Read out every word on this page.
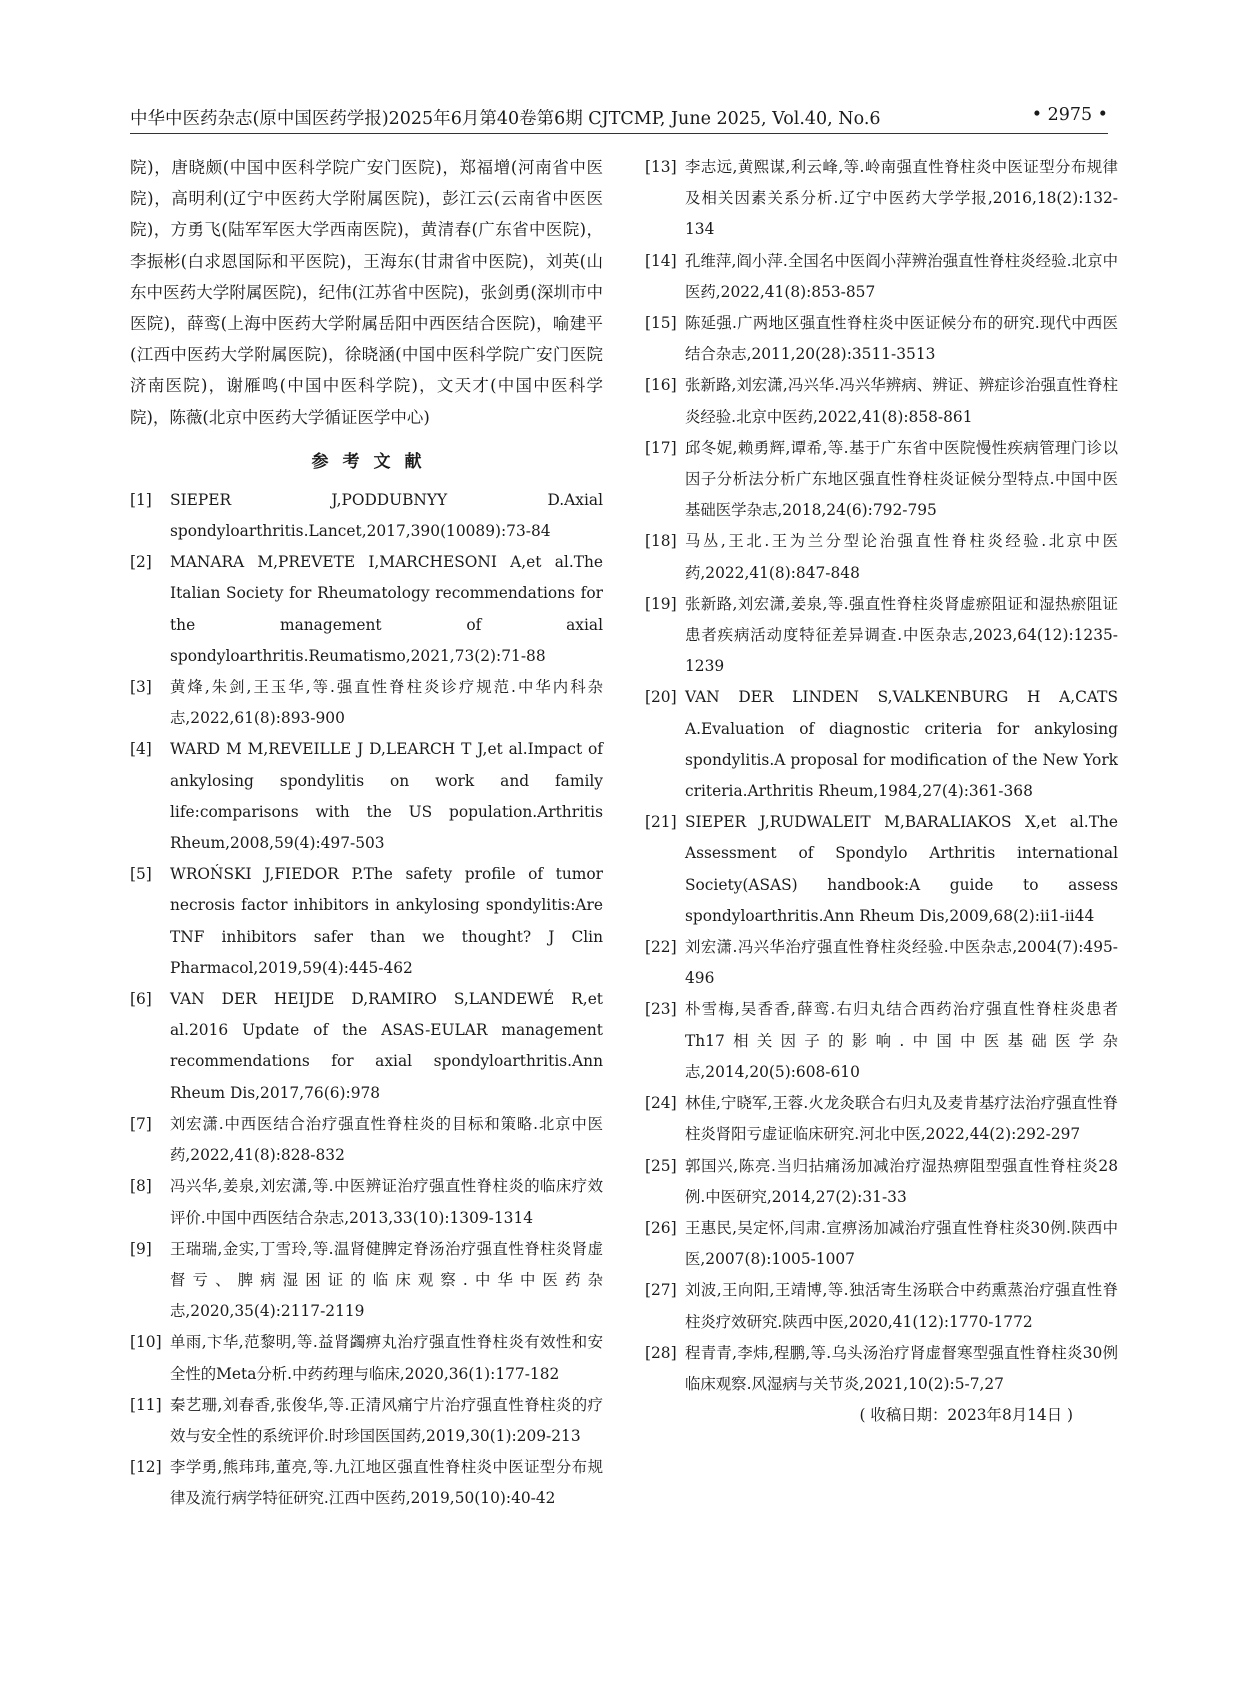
中华中医药杂志(原中国医药学报)2025年6月第40卷第6期 CJTCMP, June 2025, Vol.40, No.6	• 2975 •

院)，唐晓颇(中国中医科学院广安门医院)，郑福增(河南省中医院)，高明利(辽宁中医药大学附属医院)，彭江云(云南省中医医院)，方勇飞(陆军军医大学西南医院)，黄清春(广东省中医院)，李振彬(白求恩国际和平医院)，王海东(甘肃省中医院)，刘英(山东中医药大学附属医院)，纪伟(江苏省中医院)，张剑勇(深圳市中医院)，薛鸾(上海中医药大学附属岳阳中西医结合医院)，喻建平(江西中医药大学附属医院)，徐晓涵(中国中医科学院广安门医院济南医院)，谢雁鸣(中国中医科学院)，文天才(中国中医科学院)，陈薇(北京中医药大学循证医学中心)

参考文献

[1] SIEPER J,PODDUBNYY D.Axial spondyloarthritis.Lancet,2017,390(10089):73-84

[2] MANARA M,PREVETE I,MARCHESONI A,et al.The Italian Society for Rheumatology recommendations for the management of axial spondyloarthritis.Reumatismo,2021,73(2):71-88

[3] 黄烽,朱剑,王玉华,等.强直性脊柱炎诊疗规范.中华内科杂志,2022,61(8):893-900

[4] WARD M M,REVEILLE J D,LEARCH T J,et al.Impact of ankylosing spondylitis on work and family life:comparisons with the US population.Arthritis Rheum,2008,59(4):497-503

[5] WROŃSKI J,FIEDOR P.The safety profile of tumor necrosis factor inhibitors in ankylosing spondylitis:Are TNF inhibitors safer than we thought? J Clin Pharmacol,2019,59(4):445-462

[6] VAN DER HEIJDE D,RAMIRO S,LANDEWÉ R,et al.2016 Update of the ASAS-EULAR management recommendations for axial spondyloarthritis.Ann Rheum Dis,2017,76(6):978

[7] 刘宏潇.中西医结合治疗强直性脊柱炎的目标和策略.北京中医药,2022,41(8):828-832

[8] 冯兴华,姜泉,刘宏潇,等.中医辨证治疗强直性脊柱炎的临床疗效评价.中国中西医结合杂志,2013,33(10):1309-1314

[9] 王瑞瑞,金实,丁雪玲,等.温肾健脾定脊汤治疗强直性脊柱炎肾虚督亏、脾病湿困证的临床观察.中华中医药杂志,2020,35(4):2117-2119

[10] 单雨,卞华,范黎明,等.益肾蠲痹丸治疗强直性脊柱炎有效性和安全性的Meta分析.中药药理与临床,2020,36(1):177-182

[11] 秦艺珊,刘春香,张俊华,等.正清风痛宁片治疗强直性脊柱炎的疗效与安全性的系统评价.时珍国医国药,2019,30(1):209-213

[12] 李学勇,熊玮玮,董亮,等.九江地区强直性脊柱炎中医证型分布规律及流行病学特征研究.江西中医药,2019,50(10):40-42

[13] 李志远,黄熙谋,利云峰,等.岭南强直性脊柱炎中医证型分布规律及相关因素关系分析.辽宁中医药大学学报,2016,18(2):132-134

[14] 孔维萍,阎小萍.全国名中医阎小萍辨治强直性脊柱炎经验.北京中医药,2022,41(8):853-857

[15] 陈延强.广两地区强直性脊柱炎中医证候分布的研究.现代中西医结合杂志,2011,20(28):3511-3513

[16] 张新路,刘宏潇,冯兴华.冯兴华辨病、辨证、辨症诊治强直性脊柱炎经验.北京中医药,2022,41(8):858-861

[17] 邱冬妮,赖勇辉,谭希,等.基于广东省中医院慢性疾病管理门诊以因子分析法分析广东地区强直性脊柱炎证候分型特点.中国中医基础医学杂志,2018,24(6):792-795

[18] 马丛,王北.王为兰分型论治强直性脊柱炎经验.北京中医药,2022,41(8):847-848

[19] 张新路,刘宏潇,姜泉,等.强直性脊柱炎肾虚瘀阻证和湿热瘀阻证患者疾病活动度特征差异调查.中医杂志,2023,64(12):1235-1239

[20] VAN DER LINDEN S,VALKENBURG H A,CATS A.Evaluation of diagnostic criteria for ankylosing spondylitis.A proposal for modification of the New York criteria.Arthritis Rheum,1984,27(4):361-368

[21] SIEPER J,RUDWALEIT M,BARALIAKOS X,et al.The Assessment of Spondylo Arthritis international Society(ASAS) handbook:A guide to assess spondyloarthritis.Ann Rheum Dis,2009,68(2):ii1-ii44

[22] 刘宏潇.冯兴华治疗强直性脊柱炎经验.中医杂志,2004(7):495-496

[23] 朴雪梅,吴香香,薛鸾.右归丸结合西药治疗强直性脊柱炎患者Th17相关因子的影响.中国中医基础医学杂志,2014,20(5):608-610

[24] 林佳,宁晓军,王蓉.火龙灸联合右归丸及麦肯基疗法治疗强直性脊柱炎肾阳亏虚证临床研究.河北中医,2022,44(2):292-297

[25] 郭国兴,陈亮.当归拈痛汤加减治疗湿热痹阻型强直性脊柱炎28例.中医研究,2014,27(2):31-33

[26] 王惠民,吴定怀,闫肃.宣痹汤加减治疗强直性脊柱炎30例.陕西中医,2007(8):1005-1007

[27] 刘波,王向阳,王靖博,等.独活寄生汤联合中药熏蒸治疗强直性脊柱炎疗效研究.陕西中医,2020,41(12):1770-1772

[28] 程青青,李炜,程鹏,等.乌头汤治疗肾虚督寒型强直性脊柱炎30例临床观察.风湿病与关节炎,2021,10(2):5-7,27

( 收稿日期：2023年8月14日 )
